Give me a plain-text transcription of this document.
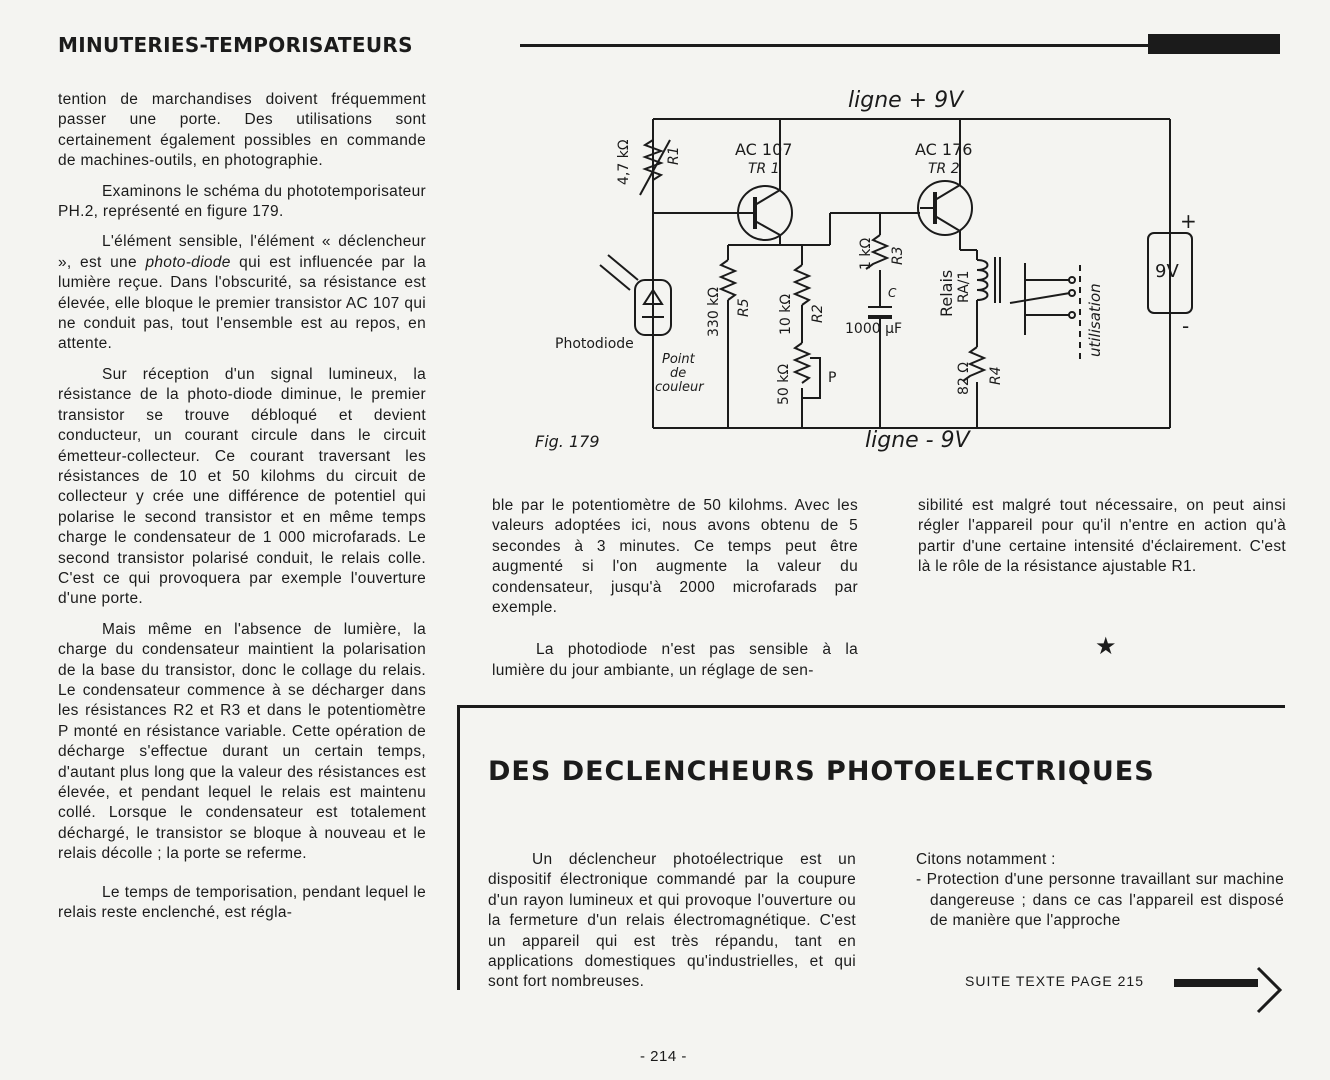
MINUTERIES-TEMPORISATEURS

tention de marchandises doivent fréquemment passer une porte. Des utilisations sont certainement également possibles en commande de machines-outils, en photographie.

Examinons le schéma du phototemporisateur PH.2, représenté en figure 179.

L'élément sensible, l'élément « déclencheur », est une photo-diode qui est influencée par la lumière reçue. Dans l'obscurité, sa résistance est élevée, elle bloque le premier transistor AC 107 qui ne conduit pas, tout l'ensemble est au repos, en attente.

Sur réception d'un signal lumineux, la résistance de la photo-diode diminue, le premier transistor se trouve débloqué et devient conducteur, un courant circule dans le circuit émetteur-collecteur. Ce courant traversant les résistances de 10 et 50 kilohms du circuit de collecteur y crée une différence de potentiel qui polarise le second transistor et en même temps charge le condensateur de 1 000 microfarads. Le second transistor polarisé conduit, le relais colle. C'est ce qui provoquera par exemple l'ouverture d'une porte.

Mais même en l'absence de lumière, la charge du condensateur maintient la polarisation de la base du transistor, donc le collage du relais. Le condensateur commence à se décharger dans les résistances R2 et R3 et dans le potentiomètre P monté en résistance variable. Cette opération de décharge s'effectue durant un certain temps, d'autant plus long que la valeur des résistances est élevée, et pendant lequel le relais est maintenu collé. Lorsque le condensateur est totalement déchargé, le transistor se bloque à nouveau et le relais décolle ; la porte se referme.

Le temps de temporisation, pendant lequel le relais reste enclenché, est régla-

ligne + 9V
ligne - 9V
Fig. 179
AC 107
TR 1
AC 176
TR 2
4,7 kΩ R1
330 kΩ R5 10 kΩ R2
50 kΩ	P
1 kΩ R3
C
1000 μF
Relais RA/1
82 Ω R4
utilisation
9V
+
-
Photodiode
Point
de
couleur

ble par le potentiomètre de 50 kilohms. Avec les valeurs adoptées ici, nous avons obtenu de 5 secondes à 3 minutes. Ce temps peut être augmenté si l'on augmente la valeur du condensateur, jusqu'à 2000 microfarads par exemple.

La photodiode n'est pas sensible à la lumière du jour ambiante, un réglage de sen-

sibilité est malgré tout nécessaire, on peut ainsi régler l'appareil pour qu'il n'entre en action qu'à partir d'une certaine intensité d'éclairement. C'est là le rôle de la résistance ajustable R1.

★
DES DECLENCHEURS PHOTOELECTRIQUES

Un déclencheur photoélectrique est un dispositif électronique commandé par la coupure d'un rayon lumineux et qui provoque l'ouverture ou la fermeture d'un relais électromagnétique. C'est un appareil qui est très répandu, tant en applications domestiques qu'industrielles, et qui sont fort nombreuses.

Citons notamment :

- Protection d'une personne travaillant sur machine dangereuse ; dans ce cas l'appareil est disposé de manière que l'approche

SUITE TEXTE PAGE 215
- 214 -
